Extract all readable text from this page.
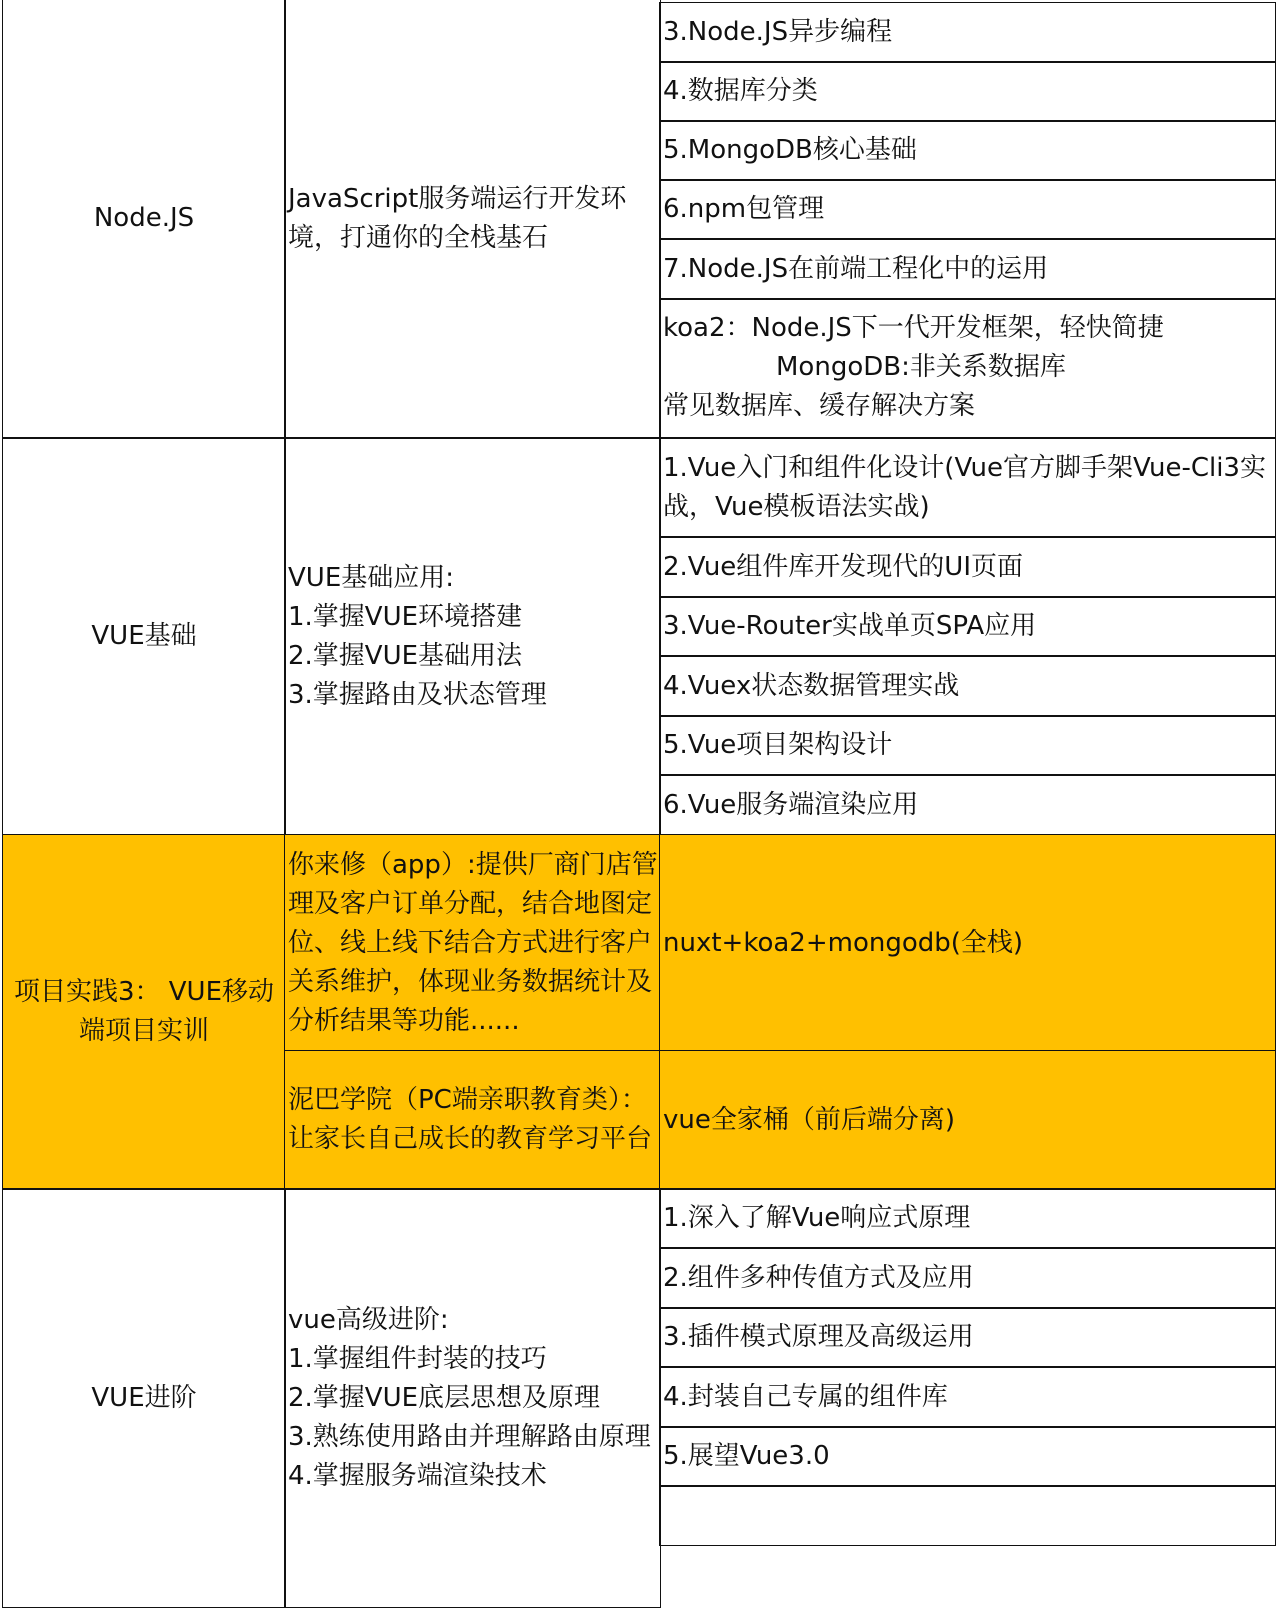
Node.JS
JavaScript服务端运行开发环境，打通你的全栈基石
3.Node.JS异步编程
4.数据库分类
5.MongoDB核心基础
6.npm包管理
7.Node.JS在前端工程化中的运用
koa2：Node.JS下一代开发框架，轻快简捷
MongoDB:非关系数据库
常见数据库、缓存解决方案
VUE基础
VUE基础应用:
1.掌握VUE环境搭建
2.掌握VUE基础用法
3.掌握路由及状态管理
1.Vue入门和组件化设计(Vue官方脚手架Vue-Cli3实战，Vue模板语法实战)
2.Vue组件库开发现代的UI页面
3.Vue-Router实战单页SPA应用
4.Vuex状态数据管理实战
5.Vue项目架构设计
6.Vue服务端渲染应用
项目实践3： VUE移动端项目实训
你来修（app）:提供厂商门店管理及客户订单分配，结合地图定位、线上线下结合方式进行客户关系维护，体现业务数据统计及分析结果等功能......
nuxt+koa2+mongodb(全栈)
泥巴学院（PC端亲职教育类）： 让家长自己成长的教育学习平台
vue全家桶（前后端分离)
VUE进阶
vue高级进阶:
1.掌握组件封装的技巧
2.掌握VUE底层思想及原理
3.熟练使用路由并理解路由原理
4.掌握服务端渲染技术
1.深入了解Vue响应式原理
2.组件多种传值方式及应用
3.插件模式原理及高级运用
4.封装自己专属的组件库
5.展望Vue3.0
